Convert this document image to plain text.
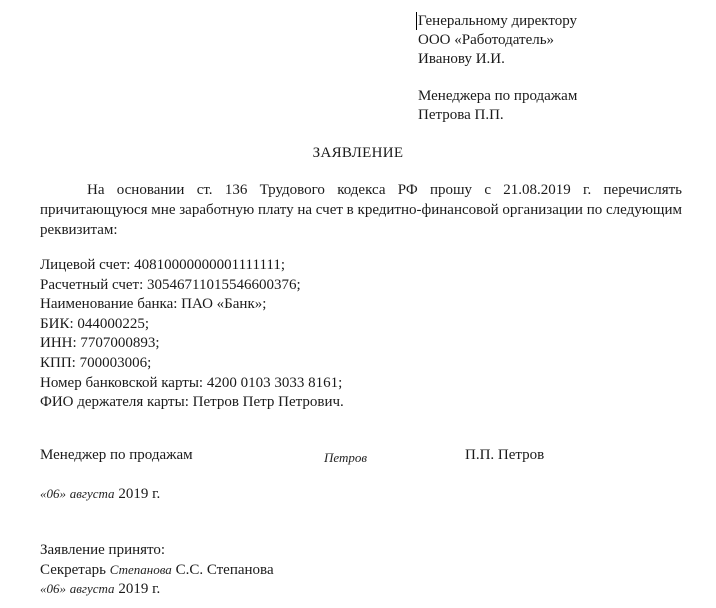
Генеральному директору
ООО «Работодатель»
Иванову И.И.
Менеджера по продажам
Петрова П.П.
ЗАЯВЛЕНИЕ
На основании ст. 136 Трудового кодекса РФ прошу с 21.08.2019 г. перечислять причитающуюся мне заработную плату на счет в кредитно-финансовой организации по следующим реквизитам:
Лицевой счет: 40810000000001111111;
Расчетный счет: 30546711015546600376;
Наименование банка: ПАО «Банк»;
БИК: 044000225;
ИНН: 7707000893;
КПП: 700003006;
Номер банковской карты: 4200 0103 3033 8161;
ФИО держателя карты: Петров Петр Петрович.
Менеджер по продажам	Петров	П.П. Петров
«06» августа 2019 г.
Заявление принято:
Секретарь Степанова С.С. Степанова
«06» августа 2019 г.
